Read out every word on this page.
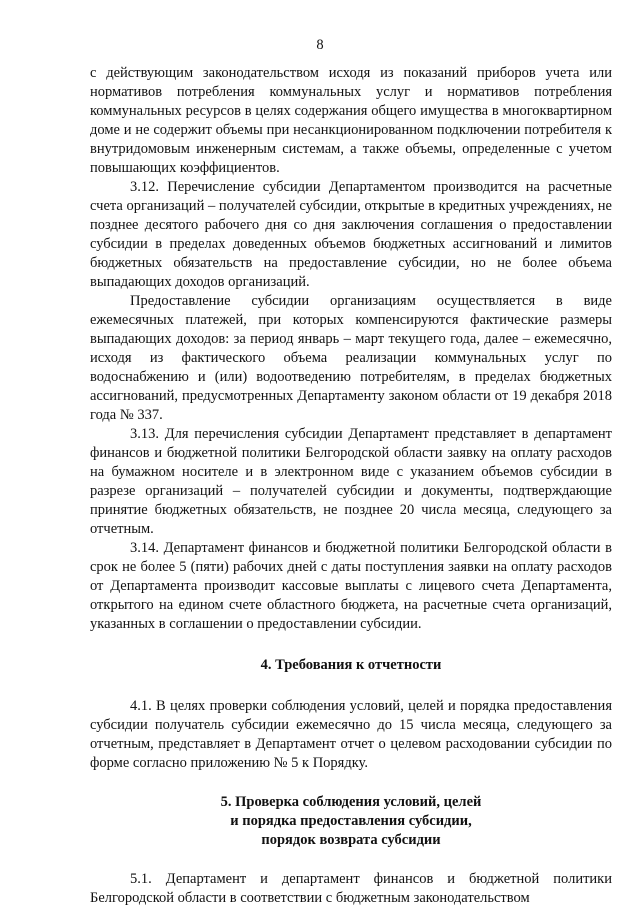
8

с действующим законодательством исходя из показаний приборов учета или нормативов потребления коммунальных услуг и нормативов потребления коммунальных ресурсов в целях содержания общего имущества в многоквартирном доме и не содержит объемы при несанкционированном подключении потребителя к внутридомовым инженерным системам, а также объемы, определенные с учетом повышающих коэффициентов.

3.12. Перечисление субсидии Департаментом производится на расчетные счета организаций – получателей субсидии, открытые в кредитных учреждениях, не позднее десятого рабочего дня со дня заключения соглашения о предоставлении субсидии в пределах доведенных объемов бюджетных ассигнований и лимитов бюджетных обязательств на предоставление субсидии, но не более объема выпадающих доходов организаций.

Предоставление субсидии организациям осуществляется в виде ежемесячных платежей, при которых компенсируются фактические размеры выпадающих доходов: за период январь – март текущего года, далее – ежемесячно, исходя из фактического объема реализации коммунальных услуг по водоснабжению и (или) водоотведению потребителям, в пределах бюджетных ассигнований, предусмотренных Департаменту законом области от 19 декабря 2018 года № 337.

3.13. Для перечисления субсидии Департамент представляет в департамент финансов и бюджетной политики Белгородской области заявку на оплату расходов на бумажном носителе и в электронном виде с указанием объемов субсидии в разрезе организаций – получателей субсидии и документы, подтверждающие принятие бюджетных обязательств, не позднее 20 числа месяца, следующего за отчетным.

3.14. Департамент финансов и бюджетной политики Белгородской области в срок не более 5 (пяти) рабочих дней с даты поступления заявки на оплату расходов от Департамента производит кассовые выплаты с лицевого счета Департамента, открытого на едином счете областного бюджета, на расчетные счета организаций, указанных в соглашении о предоставлении субсидии.

4. Требования к отчетности

4.1. В целях проверки соблюдения условий, целей и порядка предоставления субсидии получатель субсидии ежемесячно до 15 числа месяца, следующего за отчетным, представляет в Департамент отчет о целевом расходовании субсидии по форме согласно приложению № 5 к Порядку.

5. Проверка соблюдения условий, целей
и порядка предоставления субсидии,
порядок возврата субсидии

5.1. Департамент и департамент финансов и бюджетной политики Белгородской области в соответствии с бюджетным законодательством
